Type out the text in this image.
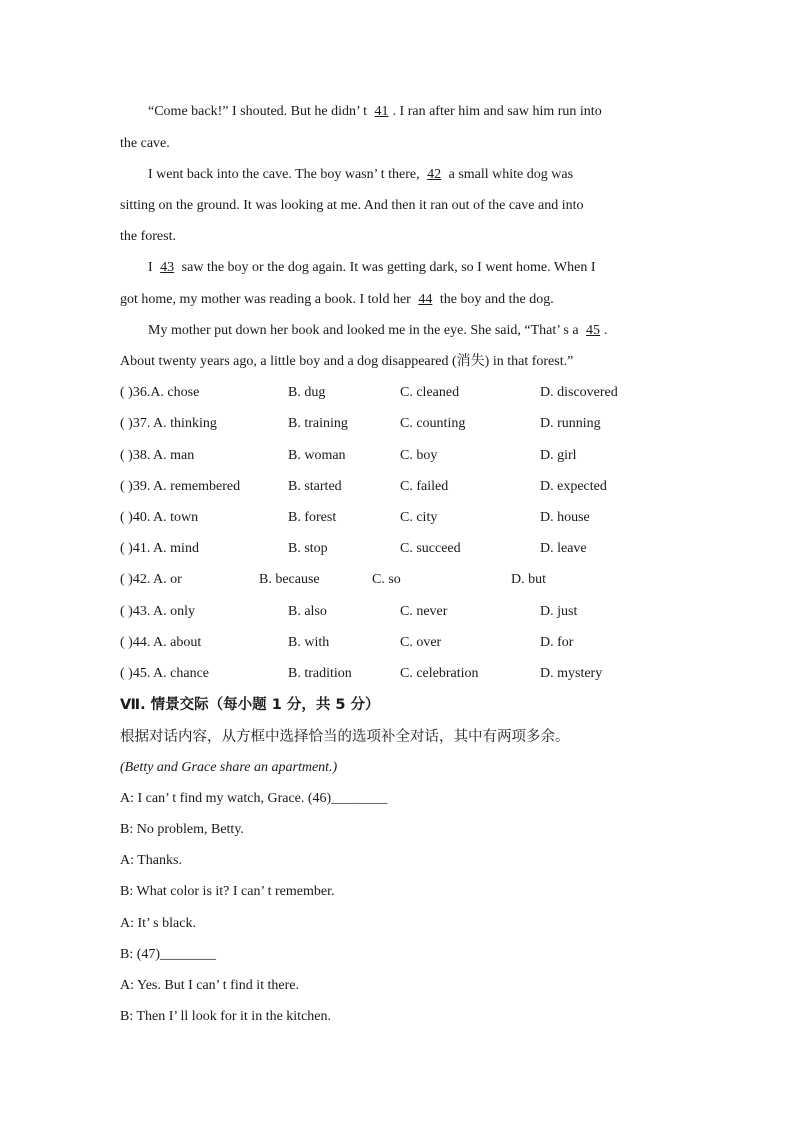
“Come back!” I shouted. But he didn’ t 41 . I ran after him and saw him run into
the cave.
I went back into the cave. The boy wasn’ t there, 42 a small white dog was
sitting on the ground. It was looking at me. And then it ran out of the cave and into
the forest.
I 43 saw the boy or the dog again. It was getting dark, so I went home. When I
got home, my mother was reading a book. I told her 44 the boy and the dog.
My mother put down her book and looked me in the eye. She said, “That’ s a 45 .
About twenty years ago, a little boy and a dog disappeared (消失) in that forest.”
( )36.A. chose	B. dug	C. cleaned	D. discovered
( )37. A. thinking	B. training	C. counting	D. running
( )38. A. man	B. woman	C. boy	D. girl
( )39. A. remembered	B. started	C. failed	D. expected
( )40. A. town	B. forest	C. city	D. house
( )41. A. mind	B. stop	C. succeed	D. leave
( )42. A. or	B. because	C. so	D. but
( )43. A. only	B. also	C. never	D. just
( )44. A. about	B. with	C. over	D. for
( )45. A. chance	B. tradition	C. celebration	D. mystery
Ⅶ. 情景交际（每小题 1 分，共 5 分）
根据对话内容，从方框中选择恰当的选项补全对话，其中有两项多余。
(Betty and Grace share an apartment.)
A: I can’ t find my watch, Grace. (46)________
B: No problem, Betty.
A: Thanks.
B: What color is it? I can’ t remember.
A: It’ s black.
B: (47)________
A: Yes. But I can’ t find it there.
B: Then I’ ll look for it in the kitchen.
